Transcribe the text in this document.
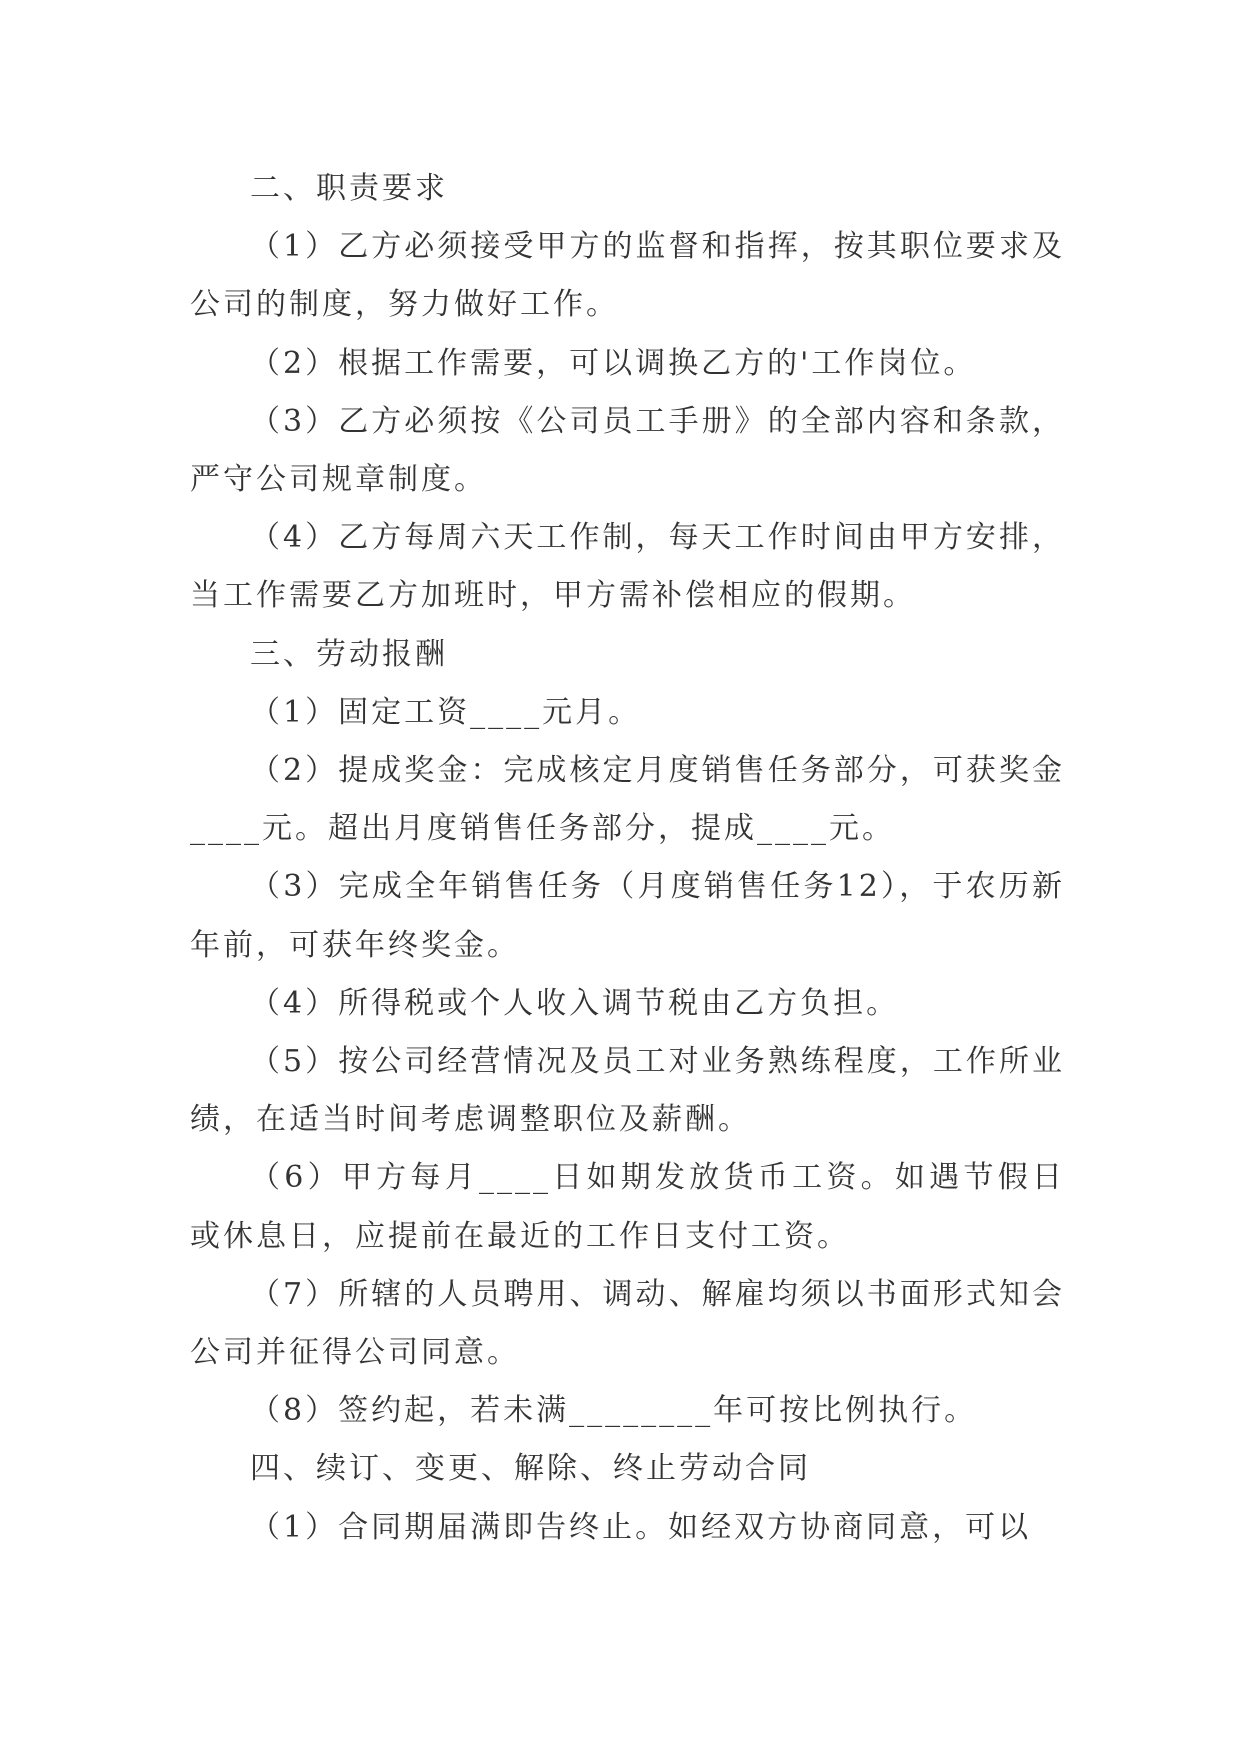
二、职责要求

（1）乙方必须接受甲方的监督和指挥，按其职位要求及公司的制度，努力做好工作。

（2）根据工作需要，可以调换乙方的'工作岗位。

（3）乙方必须按《公司员工手册》的全部内容和条款，严守公司规章制度。

（4）乙方每周六天工作制，每天工作时间由甲方安排，当工作需要乙方加班时，甲方需补偿相应的假期。

三、劳动报酬

（1）固定工资____元月。

（2）提成奖金：完成核定月度销售任务部分，可获奖金____元。超出月度销售任务部分，提成____元。

（3）完成全年销售任务（月度销售任务12），于农历新年前，可获年终奖金。

（4）所得税或个人收入调节税由乙方负担。

（5）按公司经营情况及员工对业务熟练程度，工作所业绩，在适当时间考虑调整职位及薪酬。

（6）甲方每月____日如期发放货币工资。如遇节假日或休息日，应提前在最近的工作日支付工资。

（7）所辖的人员聘用、调动、解雇均须以书面形式知会公司并征得公司同意。

（8）签约起，若未满________年可按比例执行。

四、续订、变更、解除、终止劳动合同

（1）合同期届满即告终止。如经双方协商同意，可以
